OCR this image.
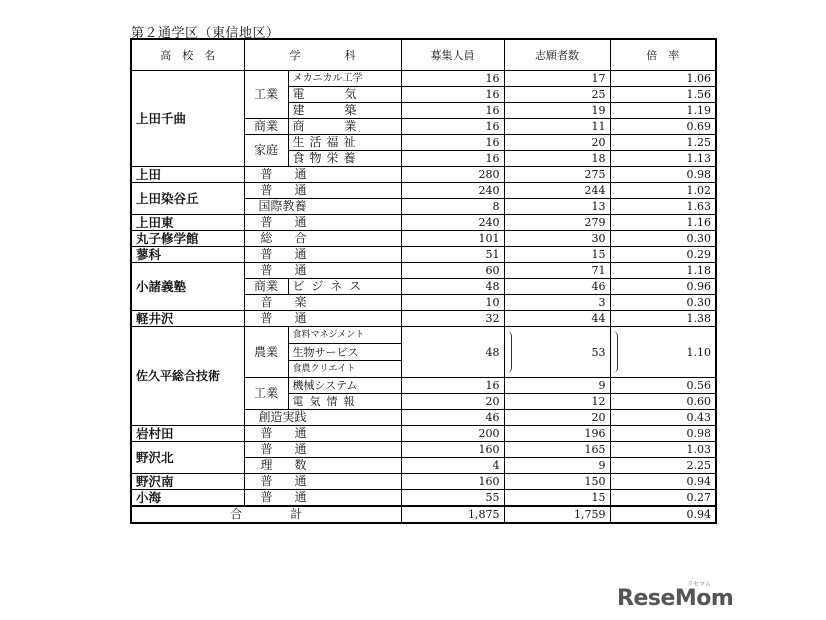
第２通学区（東信地区）
高　校　名	学　　　　科		募集人員	志願者数	倍　率
上田千曲	工業	メカニカル工学	16	17	1.06
		電気	16	25	1.56
		建築	16	19	1.19
	商業	商業	16	11	0.69
	家庭	生活福祉	16	20	1.25
		食物栄養	16	18	1.13
上田	普通		280	275	0.98
上田染谷丘	普通		240	244	1.02
	国際教養		8	13	1.63
上田東	普通		240	279	1.16
丸子修学館	総合		101	30	0.30
蓼科	普通		51	15	0.29
小諸義塾	普通		60	71	1.18
	商業	ビジネス	48	46	0.96
	音楽		10	3	0.30
軽井沢	普通		32	44	1.38
佐久平総合技術	農業	食料マネジメント	48	53	1.10
		生物サービス			
		食農クリエイト			
	工業	機械システム	16	9	0.56
		電気情報	20	12	0.60
	創造実践		46	20	0.43
岩村田	普通		200	196	0.98
野沢北	普通		160	165	1.03
	理数		4	9	2.25
野沢南	普通		160	150	0.94
小海	普通		55	15	0.27
合　　　　計			1,875	1,759	0.94
ReseMom
リセマム
